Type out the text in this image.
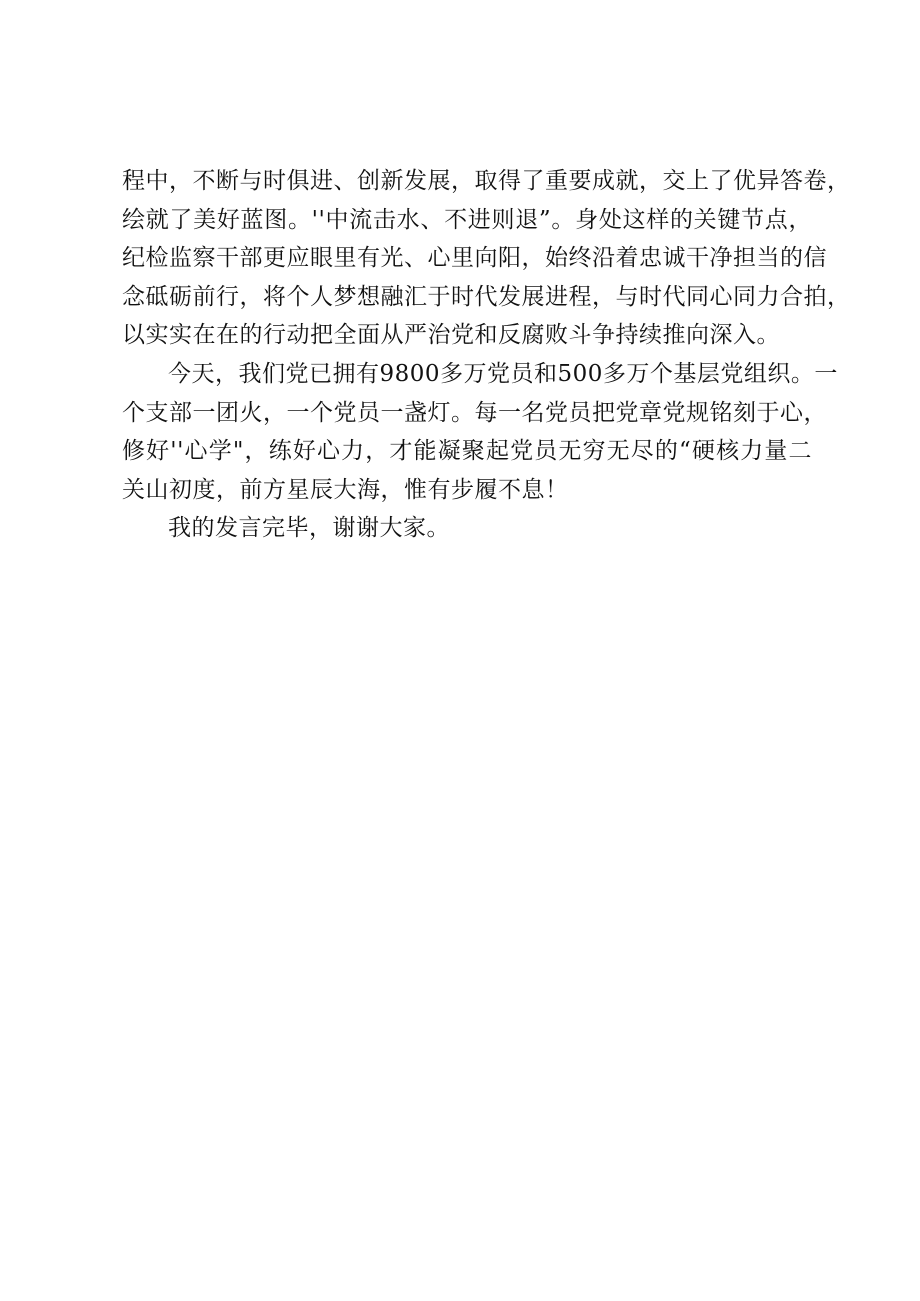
程中，不断与时俱进、创新发展，取得了重要成就，交上了优异答卷，
绘就了美好蓝图。''中流击水、不进则退”。身处这样的关键节点，
纪检监察干部更应眼里有光、心里向阳，始终沿着忠诚干净担当的信
念砥砺前行，将个人梦想融汇于时代发展进程，与时代同心同力合拍，
以实实在在的行动把全面从严治党和反腐败斗争持续推向深入。
今天，我们党已拥有9800多万党员和500多万个基层党组织。一
个支部一团火，一个党员一盏灯。每一名党员把党章党规铭刻于心，
修好''心学"，练好心力，才能凝聚起党员无穷无尽的“硬核力量二
关山初度，前方星辰大海，惟有步履不息！
我的发言完毕，谢谢大家。
